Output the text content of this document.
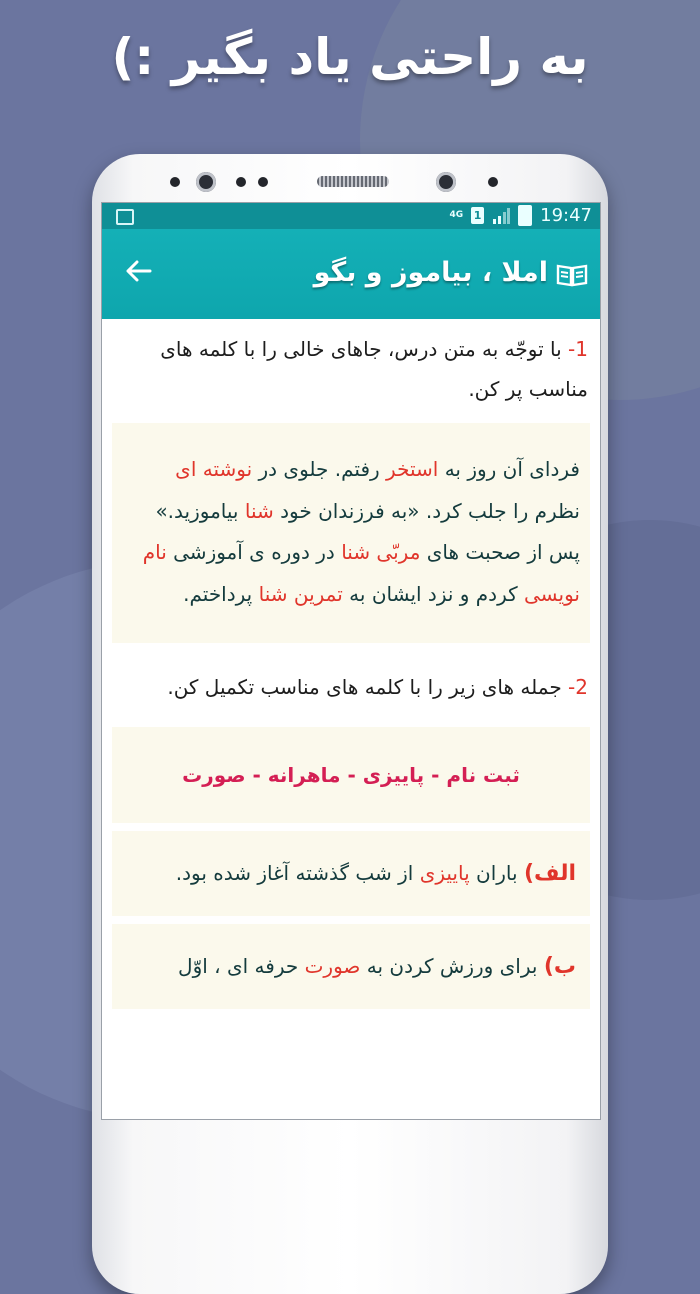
به راحتی یاد بگیر :)
4G 1	19:47
املا ، بیاموز و بگو
1- با توجّه به متن درس، جاهای خالی را با کلمه های مناسب پر کن.
فردای آن روز به استخر رفتم. جلوی در نوشته ای نظرم را جلب کرد. «به فرزندان خود شنا بیاموزید.» پس از صحبت های مربّی شنا در دوره ی آموزشی نام نویسی کردم و نزد ایشان به تمرین شنا پرداختم.
2- جمله های زیر را با کلمه های مناسب تکمیل کن.
ثبت نام - پاییزی - ماهرانه - صورت
الف) باران پاییزی از شب گذشته آغاز شده بود.
ب) برای ورزش کردن به صورت حرفه ای ، اوّل
